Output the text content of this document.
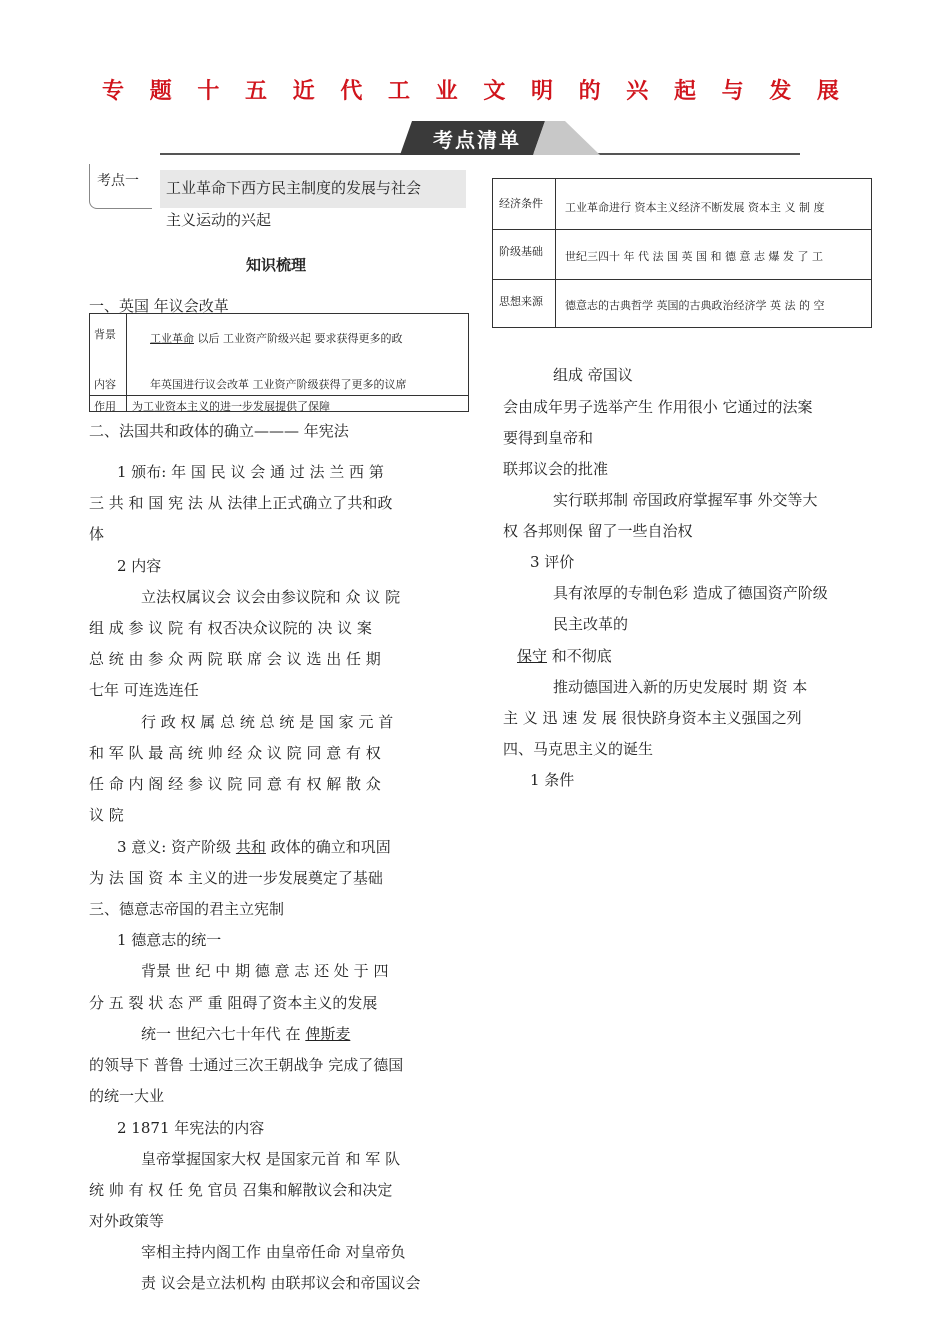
专 题 十 五 近 代 工 业 文 明 的 兴 起 与 发 展
考点清单
考点一 工业革命下西方民主制度的发展与社会
主义运动的兴起
知识梳理
一、英国 年议会改革
背景	工业革命 以后 工业资产阶级兴起 要求获得更多的政
内容	年英国进行议会改革 工业资产阶级获得了更多的议席
作用 为工业资本主义的进一步发展提供了保障
二、法国共和政体的确立——— 年宪法
1 颁布: 年 国 民 议 会 通 过 法 兰 西 第
三 共 和 国 宪 法 从 法律上正式确立了共和政
体
2 内容
立法权属议会 议会由参议院和 众 议 院
组 成 参 议 院 有 权否决众议院的 决 议 案
总 统 由 参 众 两 院 联 席 会 议 选 出 任 期
七年 可连选连任
行 政 权 属 总 统 总 统 是 国 家 元 首
和 军 队 最 高 统 帅 经 众 议 院 同 意 有 权
任 命 内 阁 经 参 议 院 同 意 有 权 解 散 众
议 院
3 意义: 资产阶级 共和 政体的确立和巩固
为 法 国 资 本 主义的进一步发展奠定了基础
三、德意志帝国的君主立宪制
1 德意志的统一
背景 世 纪 中 期 德 意 志 还 处 于 四
分 五 裂 状 态 严 重 阻碍了资本主义的发展
统一 世纪六七十年代 在 俾斯麦
的领导下 普鲁 士通过三次王朝战争 完成了德国
的统一大业
2 1871 年宪法的内容
皇帝掌握国家大权 是国家元首 和 军 队
统 帅 有 权 任 免 官员 召集和解散议会和决定
对外政策等
宰相主持内阁工作 由皇帝任命 对皇帝负
责 议会是立法机构 由联邦议会和帝国议会
经济条件 工业革命进行 资本主义经济不断发展 资本主 义 制 度
阶级基础 世纪三四十 年 代 法 国 英 国 和 德 意 志 爆 发 了 工
思想来源 德意志的古典哲学 英国的古典政治经济学 英 法 的 空
组成 帝国议
会由成年男子选举产生 作用很小 它通过的法案
要得到皇帝和
联邦议会的批准
实行联邦制 帝国政府掌握军事 外交等大
权 各邦则保 留了一些自治权
3 评价
具有浓厚的专制色彩 造成了德国资产阶级
民主改革的
保守 和不彻底
推动德国进入新的历史发展时 期 资 本
主 义 迅 速 发 展 很快跻身资本主义强国之列
四、马克思主义的诞生
1 条件
